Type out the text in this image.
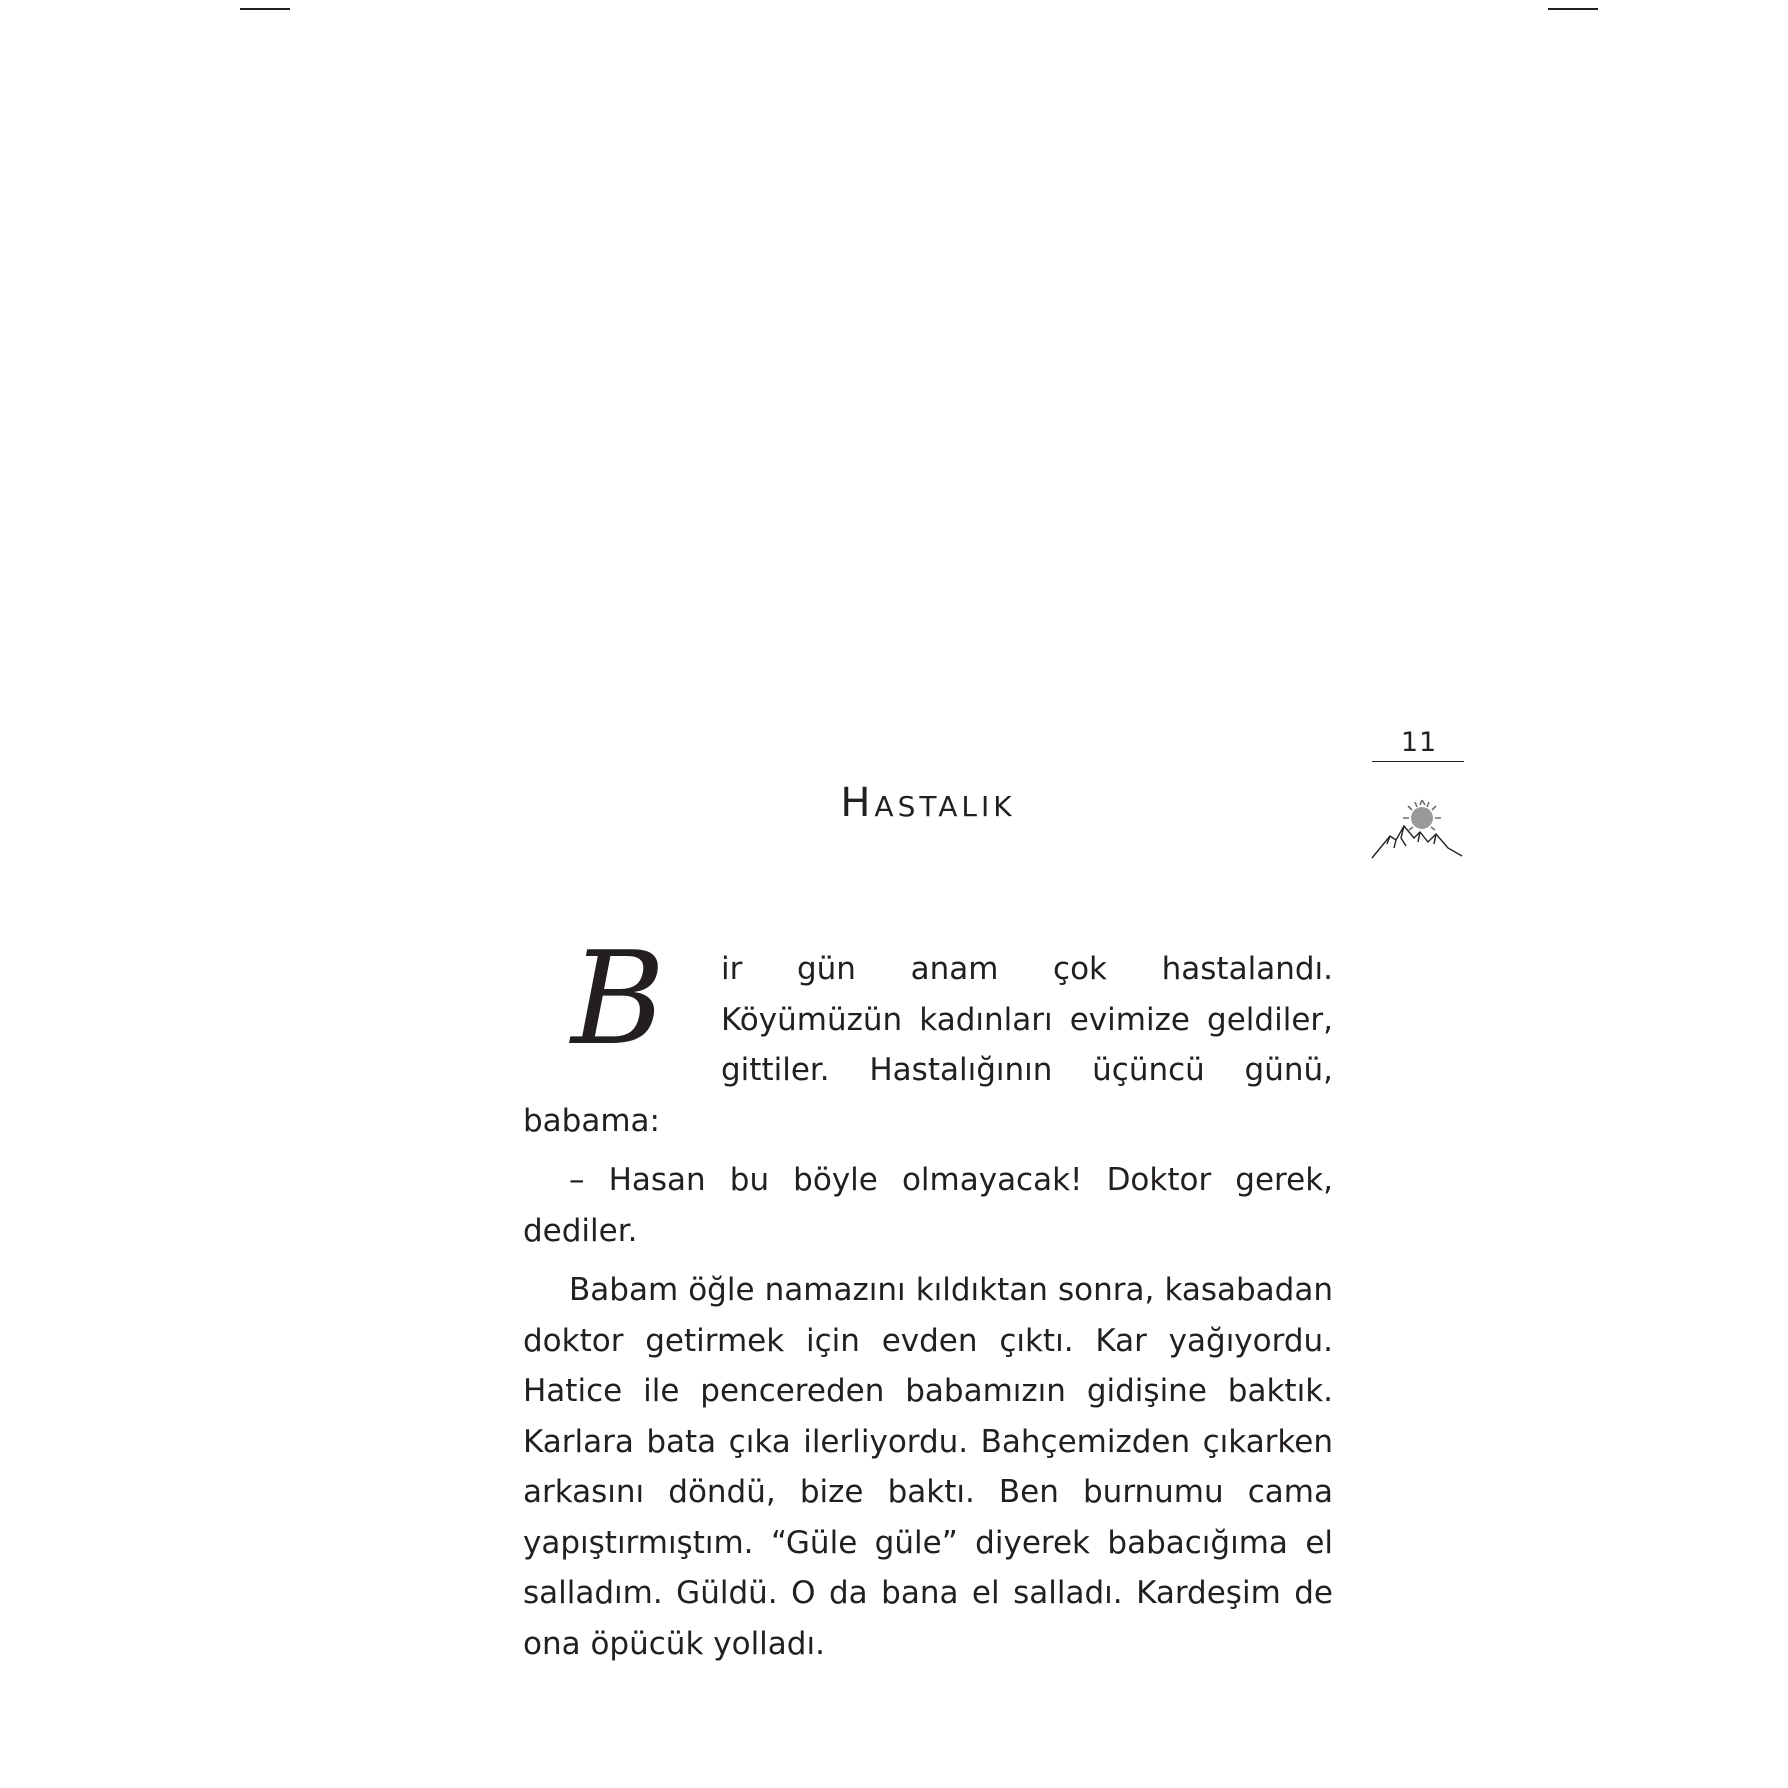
11
Hastalık

B	ir gün anam çok hastalandı. Köyümüzün kadınları evimize geldiler, gittiler. Hastalığının üçüncü günü, babama:

– Hasan bu böyle olmayacak! Doktor gerek, dediler.

Babam öğle namazını kıldıktan sonra, kasabadan doktor getirmek için evden çıktı. Kar yağıyordu. Hatice ile pencereden babamızın gidişine baktık. Karlara bata çıka ilerliyordu. Bahçemizden çıkarken arkasını döndü, bize baktı. Ben burnumu cama yapıştırmıştım. “Güle güle” diyerek babacığıma el salladım. Güldü. O da bana el salladı. Kardeşim de ona öpücük yolladı.
